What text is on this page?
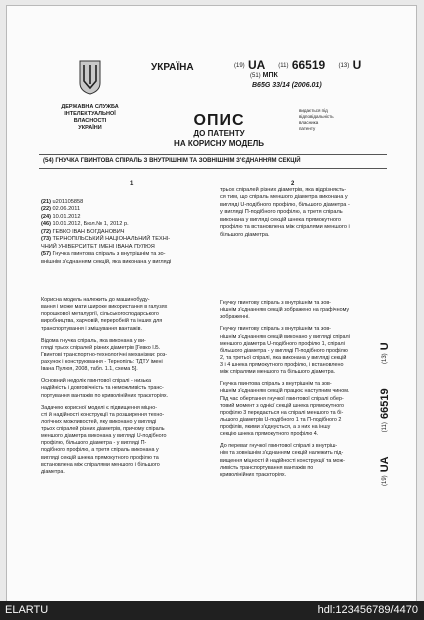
УКРАЇНА	(19) UA (11) 66519 (13) U
(51) МПК
B65G 33/14 (2006.01)
ДЕРЖАВНА СЛУЖБА
ІНТЕЛЕКТУАЛЬНОЇ
ВЛАСНОСТІ
УКРАЇНИ	ОПИС
ДО ПАТЕНТУ
НА КОРИСНУ МОДЕЛЬ
видається під
відповідальність
власника
патенту
(54) ГНУЧКА ГВИНТОВА СПІРАЛЬ З ВНУТРІШНІМ ТА ЗОВНІШНІМ З'ЄДНАННЯМ СЕКЦІЙ
1	2
(21) u201105858
(22) 02.06.2011
(24) 10.01.2012
(46) 10.01.2012, Бюл.№ 1, 2012 р.
(72) ГЕВКО ІВАН БОГДАНОВИЧ
(73) ТЕРНОПІЛЬСЬКИЙ НАЦІОНАЛЬНИЙ ТЕХНІ-
ЧНИЙ УНІВЕРСИТЕТ ІМЕНІ ІВАНА ПУЛЮЯ
(57) Гнучка гвинтова спіраль з внутрішнім та зо-
внішнім з'єднанням секцій, яка виконана у вигляді
трьох спіралей різних діаметрів, яка відрізняєть-
ся тим, що спіраль меншого діаметра виконана у
вигляді U-подібного профілю, більшого діаметра -
у вигляді П-подібного профілю, а третя спіраль
виконана у вигляді секцій шнека прямокутного
профілю та встановлена між спіралями меншого і
більшого діаметра.
Корисна модель належить до машинобуду-
вання і може мати широке використання в галузях
порошкової металургії, сільськогосподарського
виробництва, харчовій, переробній та інших для
транспортування і змішування вантажів.
Відома гнучка спіраль, яка виконана у ви-
гляді трьох спіралей різних діаметрів [Гевко І.Б.
Гвинтові транспортно-технологічні механізми: роз-
рахунок і конструювання - Тернопіль: ТДТУ імені
Івана Пулюя, 2008, табл. 1.1, схема 5].
Основний недолік гвинтової спіралі - низька
надійність і довговічність та неможливість транс-
портування вантажів по криволінійних траєкторіях.
Задачею корисної моделі є підвищення міцно-
сті й надійності конструкції та розширення техно-
логічних можливостей, яку виконано у вигляді
трьох спіралей різних діаметрів, причому спіраль
меншого діаметра виконана у вигляді U-подібного
профілю, більшого діаметра - у вигляді П-
подібного профілю, а третя спіраль виконана у
вигляді секцій шнека прямокутного профілю та
встановлена між спіралями меншого і більшого
діаметра.
Гнучку гвинтову спіраль з внутрішнім та зов-
нішнім з'єднанням секцій зображено на графічному
зображенні.
Гнучку гвинтову спіраль з внутрішнім та зов-
нішнім з'єднанням секцій виконано у вигляді спіралі
меншого діаметра U-подібного профілю 1, спіралі
більшого діаметра - у вигляді П-подібного профілю
2, та третьої спіралі, яка виконана у вигляді секцій
3 і 4 шнека прямокутного профілю, і встановлено
між спіралями меншого та більшого діаметра.
Гнучка гвинтова спіраль з внутрішнім та зов-
нішнім з'єднанням секцій працює наступним чином.
Під час обертання гнучкої гвинтової спіралі обер-
товий момент з однієї секцій шнека прямокутного
профілю 3 передається на спіралі меншого та бі-
льшого діаметрів U-подібного 1 та П-подібного 2
профілів, якими з'єднується, а з них на іншу
секцію шнека прямокутного профілю 4.
До переваг гнучкої гвинтової спіралі з внутріш-
нім та зовнішнім з'єднанням секцій належить під-
вищення міцності й надійності конструкції та мож-
ливість транспортування вантажів по
криволінійних траєкторіях.
(19) UA        (11) 66519        (13) U
ELARTU	hdl:123456789/4470
